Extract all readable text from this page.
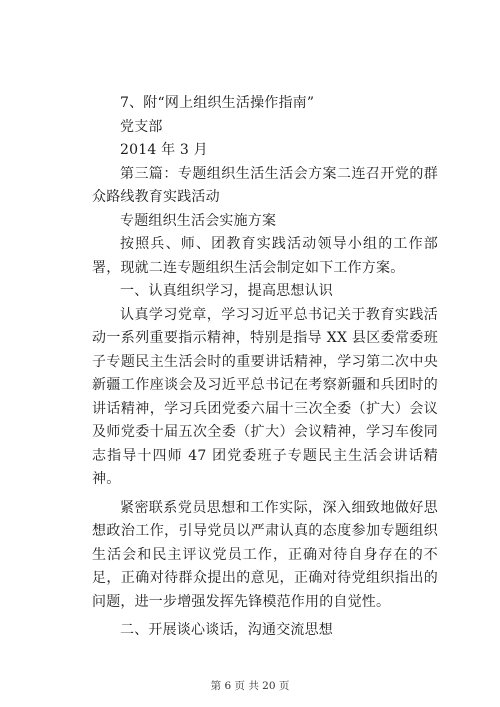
7、附“网上组织生活操作指南”

党支部

2014 年 3 月

第三篇：专题组织生活生活会方案二连召开党的群众路线教育实践活动

专题组织生活会实施方案

按照兵、师、团教育实践活动领导小组的工作部署，现就二连专题组织生活会制定如下工作方案。

一、认真组织学习，提高思想认识

认真学习党章，学习习近平总书记关于教育实践活动一系列重要指示精神，特别是指导 XX 县区委常委班子专题民主生活会时的重要讲话精神，学习第二次中央新疆工作座谈会及习近平总书记在考察新疆和兵团时的讲话精神，学习兵团党委六届十三次全委（扩大）会议及师党委十届五次全委（扩大）会议精神，学习车俊同志指导十四师 47 团党委班子专题民主生活会讲话精神。

紧密联系党员思想和工作实际，深入细致地做好思想政治工作，引导党员以严肃认真的态度参加专题组织生活会和民主评议党员工作，正确对待自身存在的不足，正确对待群众提出的意见，正确对待党组织指出的问题，进一步增强发挥先锋模范作用的自觉性。

二、开展谈心谈话，沟通交流思想

第 6 页 共 20 页
